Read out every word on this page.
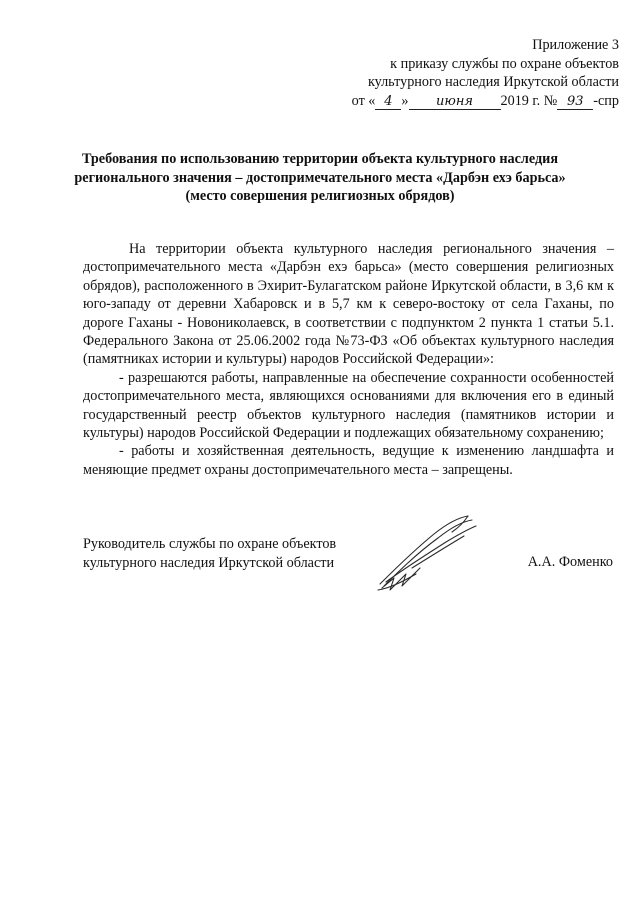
Приложение 3
к приказу службы по охране объектов
культурного наследия Иркутской области
от « 4 » июня 2019 г. № 93 -спр
Требования по использованию территории объекта культурного наследия
регионального значения – достопримечательного места «Дарбэн ехэ барьса»
(место совершения религиозных обрядов)

На территории объекта культурного наследия регионального значения – достопримечательного места «Дарбэн ехэ барьса» (место совершения религиозных обрядов), расположенного в Эхирит-Булагатском районе Иркутской области, в 3,6 км к юго-западу от деревни Хабаровск и в 5,7 км к северо-востоку от села Гаханы, по дороге Гаханы - Новониколаевск, в соответствии с подпунктом 2 пункта 1 статьи 5.1. Федерального Закона от 25.06.2002 года №73-ФЗ «Об объектах культурного наследия (памятниках истории и культуры) народов Российской Федерации»:

- разрешаются работы, направленные на обеспечение сохранности особенностей достопримечательного места, являющихся основаниями для включения его в единый государственный реестр объектов культурного наследия (памятников истории и культуры) народов Российской Федерации и подлежащих обязательному сохранению;

- работы и хозяйственная деятельность, ведущие к изменению ландшафта и меняющие предмет охраны достопримечательного места – запрещены.

Руководитель службы по охране объектов
культурного наследия Иркутской области	А.А. Фоменко
